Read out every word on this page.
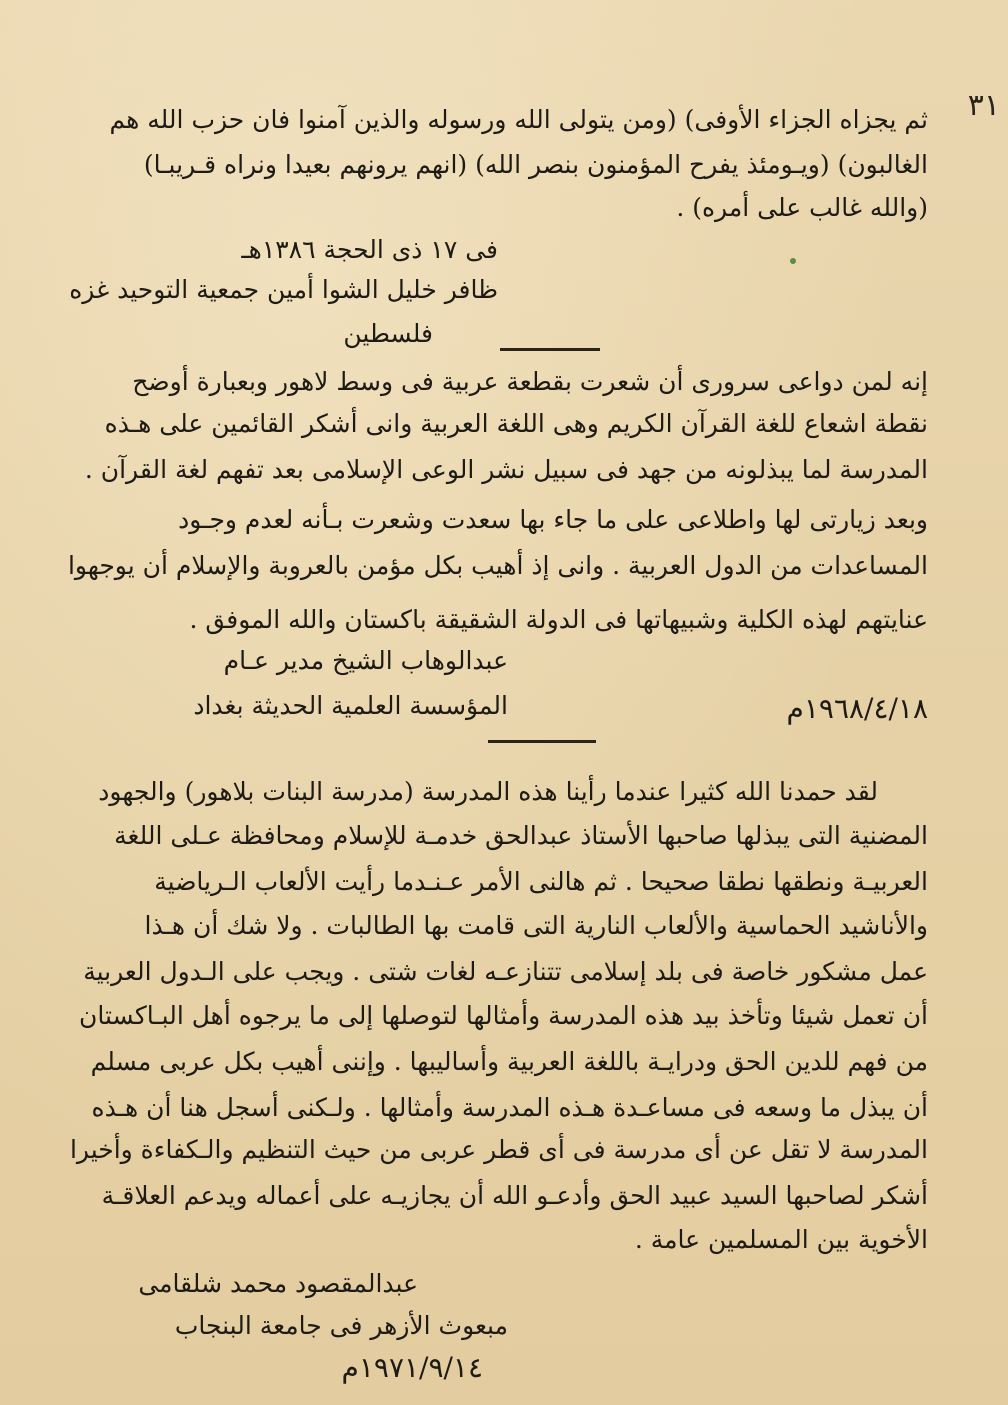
٣١
ثم يجزاه الجزاء الأوفى) (ومن يتولى الله ورسوله والذين آمنوا فان حزب الله هم
الغالبون) (ويـومئذ يفرح المؤمنون بنصر الله) (انهم يرونهم بعيدا ونراه قـريبـا)
(والله غالب على أمره) .
فى ١٧ ذى الحجة ١٣٨٦هـ
ظافر خليل الشوا أمين جمعية التوحيد غزه
فلسطين
إنه لمن دواعى سرورى أن شعرت بقطعة عربية فى وسط لاهور وبعبارة أوضح
نقطة اشعاع للغة القرآن الكريم وهى اللغة العربية وانى أشكر القائمين على هـذه
المدرسة لما يبذلونه من جهد فى سبيل نشر الوعى الإسلامى بعد تفهم لغة القرآن .
وبعد زيارتى لها واطلاعى على ما جاء بها سعدت وشعرت بـأنه لعدم وجـود
المساعدات من الدول العربية . وانى إذ أهيب بكل مؤمن بالعروبة والإسلام أن يوجهوا
عنايتهم لهذه الكلية وشبيهاتها فى الدولة الشقيقة باكستان والله الموفق .
عبدالوهاب الشيخ مدير عـام
المؤسسة العلمية الحديثة بغداد	١٩٦٨/٤/١٨م
لقد حمدنا الله كثيرا عندما رأينا هذه المدرسة (مدرسة البنات بلاهور) والجهود
المضنية التى يبذلها صاحبها الأستاذ عبدالحق خدمـة للإسلام ومحافظة عـلى اللغة
العربيـة ونطقها نطقا صحيحا . ثم هالنى الأمر عـنـدما رأيت الألعاب الـرياضية
والأناشيد الحماسية والألعاب النارية التى قامت بها الطالبات . ولا شك أن هـذا
عمل مشكور خاصة فى بلد إسلامى تتنازعـه لغات شتى . ويجب على الـدول العربية
أن تعمل شيئا وتأخذ بيد هذه المدرسة وأمثالها لتوصلها إلى ما يرجوه أهل البـاكستان
من فهم للدين الحق ودرايـة باللغة العربية وأساليبها . وإننى أهيب بكل عربى مسلم
أن يبذل ما وسعه فى مساعـدة هـذه المدرسة وأمثالها . ولـكنى أسجل هنا أن هـذه
المدرسة لا تقل عن أى مدرسة فى أى قطر عربى من حيث التنظيم والـكفاءة وأخيرا
أشكر لصاحبها السيد عبيد الحق وأدعـو الله أن يجازيـه على أعماله ويدعم العلاقـة
الأخوية بين المسلمين عامة .
عبدالمقصود محمد شلقامى
مبعوث الأزهر فى جامعة البنجاب
١٩٧١/٩/١٤م
